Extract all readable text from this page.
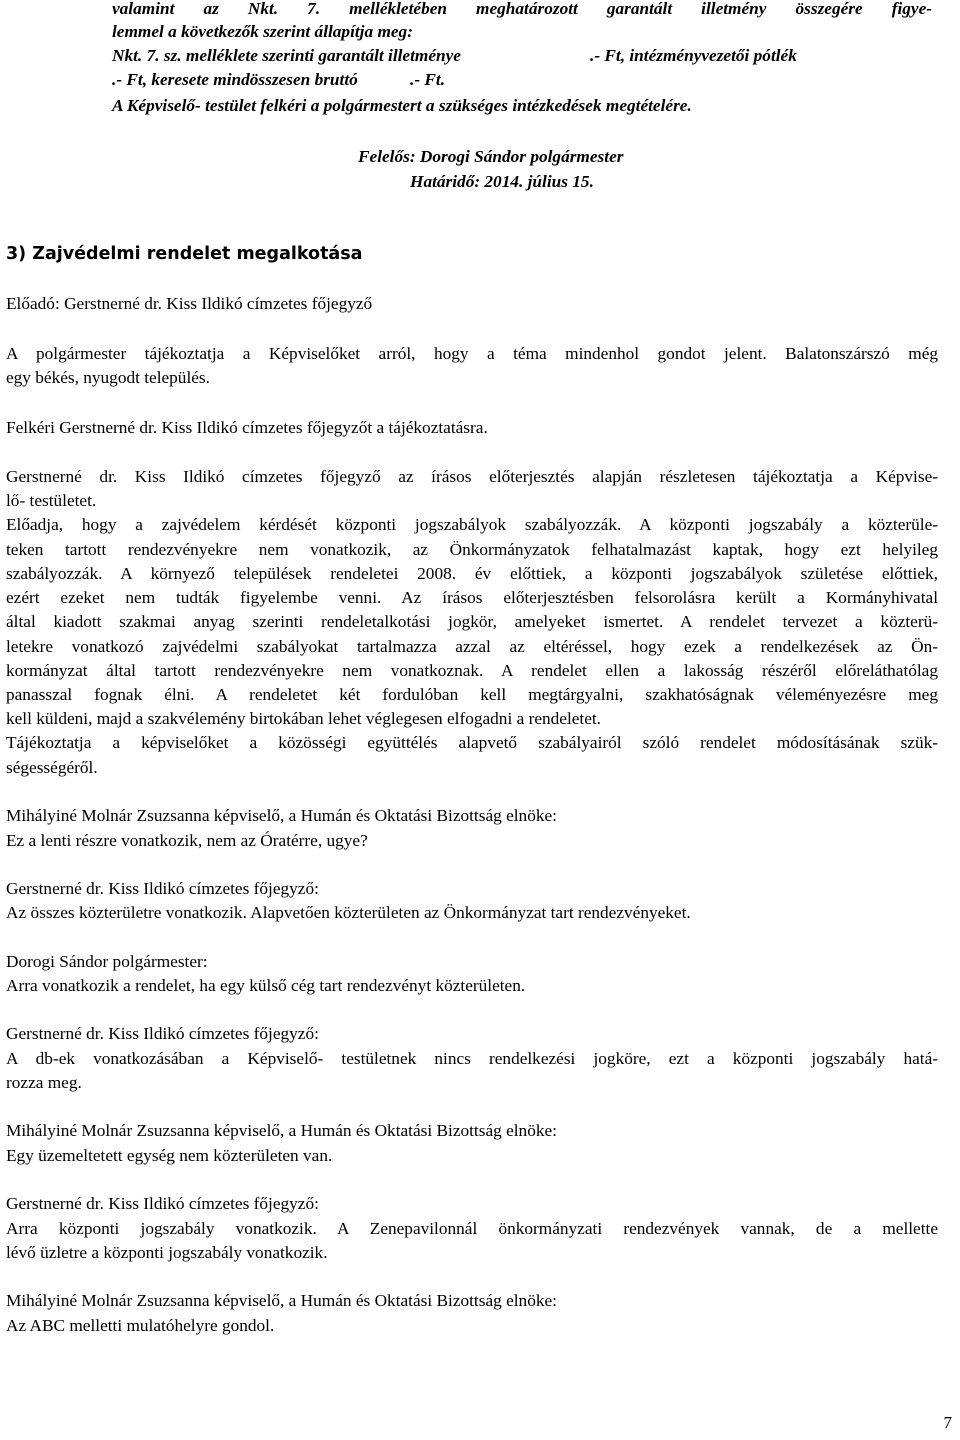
valamint az Nkt. 7. mellékletében meghatározott garantált illetmény összegére figye-
lemmel a következők szerint állapítja meg:
Nkt. 7. sz. melléklete szerinti garantált illetménye	.- Ft, intézményvezetői pótlék
.- Ft, keresete mindösszesen bruttó	.- Ft.
A Képviselő- testület felkéri a polgármestert a szükséges intézkedések megtételére.
Felelős: Dorogi Sándor polgármester
Határidő: 2014. július 15.
3) Zajvédelmi rendelet megalkotása
Előadó: Gerstnerné dr. Kiss Ildikó címzetes főjegyző
A polgármester tájékoztatja a Képviselőket arról, hogy a téma mindenhol gondot jelent. Balatonszárszó még
egy békés, nyugodt település.
Felkéri Gerstnerné dr. Kiss Ildikó címzetes főjegyzőt a tájékoztatásra.
Gerstnerné dr. Kiss Ildikó címzetes főjegyző az írásos előterjesztés alapján részletesen tájékoztatja a Képvise-
lő- testületet.
Előadja, hogy a zajvédelem kérdését központi jogszabályok szabályozzák. A központi jogszabály a közterüle-
teken tartott rendezvényekre nem vonatkozik, az Önkormányzatok felhatalmazást kaptak, hogy ezt helyileg
szabályozzák. A környező települések rendeletei 2008. év előttiek, a központi jogszabályok születése előttiek,
ezért ezeket nem tudták figyelembe venni. Az írásos előterjesztésben felsorolásra került a Kormányhivatal
által kiadott szakmai anyag szerinti rendeletalkotási jogkör, amelyeket ismertet. A rendelet tervezet a közterü-
letekre vonatkozó zajvédelmi szabályokat tartalmazza azzal az eltéréssel, hogy ezek a rendelkezések az Ön-
kormányzat által tartott rendezvényekre nem vonatkoznak. A rendelet ellen a lakosság részéről előreláthatólag
panasszal fognak élni. A rendeletet két fordulóban kell megtárgyalni, szakhatóságnak véleményezésre meg
kell küldeni, majd a szakvélemény birtokában lehet véglegesen elfogadni a rendeletet.
Tájékoztatja a képviselőket a közösségi együttélés alapvető szabályairól szóló rendelet módosításának szük-
ségességéről.
Mihályiné Molnár Zsuzsanna képviselő, a Humán és Oktatási Bizottság elnöke:
Ez a lenti részre vonatkozik, nem az Óratérre, ugye?
Gerstnerné dr. Kiss Ildikó címzetes főjegyző:
Az összes közterületre vonatkozik. Alapvetően közterületen az Önkormányzat tart rendezvényeket.
Dorogi Sándor polgármester:
Arra vonatkozik a rendelet, ha egy külső cég tart rendezvényt közterületen.
Gerstnerné dr. Kiss Ildikó címzetes főjegyző:
A db-ek vonatkozásában a Képviselő- testületnek nincs rendelkezési jogköre, ezt a központi jogszabály hatá-
rozza meg.
Mihályiné Molnár Zsuzsanna képviselő, a Humán és Oktatási Bizottság elnöke:
Egy üzemeltetett egység nem közterületen van.
Gerstnerné dr. Kiss Ildikó címzetes főjegyző:
Arra központi jogszabály vonatkozik. A Zenepavilonnál önkormányzati rendezvények vannak, de a mellette
lévő üzletre a központi jogszabály vonatkozik.
Mihályiné Molnár Zsuzsanna képviselő, a Humán és Oktatási Bizottság elnöke:
Az ABC melletti mulatóhelyre gondol.
7
